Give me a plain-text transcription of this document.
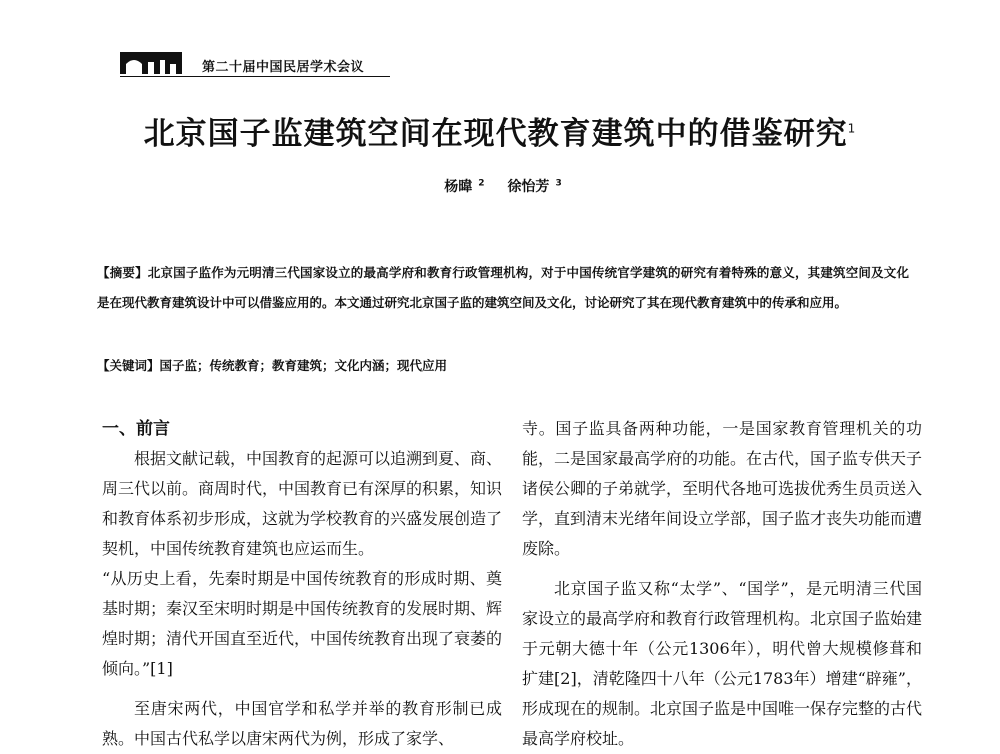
第二十届中国民居学术会议
北京国子监建筑空间在现代教育建筑中的借鉴研究$^1$
杨暐 $^2$ 徐怡芳 $^3$
【摘要】北京国子监作为元明清三代国家设立的最高学府和教育行政管理机构，对于中国传统官学建筑的研究有着特殊的意义，其建筑空间及文化是在现代教育建筑设计中可以借鉴应用的。本文通过研究北京国子监的建筑空间及文化，讨论研究了其在现代教育建筑中的传承和应用。
【关键词】国子监；传统教育；教育建筑；文化内涵；现代应用

一、前言

根据文献记载，中国教育的起源可以追溯到夏、商、周三代以前。商周时代，中国教育已有深厚的积累，知识和教育体系初步形成，这就为学校教育的兴盛发展创造了契机，中国传统教育建筑也应运而生。

“从历史上看，先秦时期是中国传统教育的形成时期、奠基时期；秦汉至宋明时期是中国传统教育的发展时期、辉煌时期；清代开国直至近代，中国传统教育出现了衰萎的倾向。”[1]

至唐宋两代，中国官学和私学并举的教育形制已成熟。中国古代私学以唐宋两代为例，形成了家学、

寺。国子监具备两种功能，一是国家教育管理机关的功能，二是国家最高学府的功能。在古代，国子监专供天子诸侯公卿的子弟就学，至明代各地可选拔优秀生员贡送入学，直到清末光绪年间设立学部，国子监才丧失功能而遭废除。

北京国子监又称“太学”、“国学”，是元明清三代国家设立的最高学府和教育行政管理机构。北京国子监始建于元朝大德十年（公元1306年），明代曾大规模修葺和扩建[2]，清乾隆四十八年（公元1783年）增建“辟雍”，形成现在的规制。北京国子监是中国唯一保存完整的古代最高学府校址。
